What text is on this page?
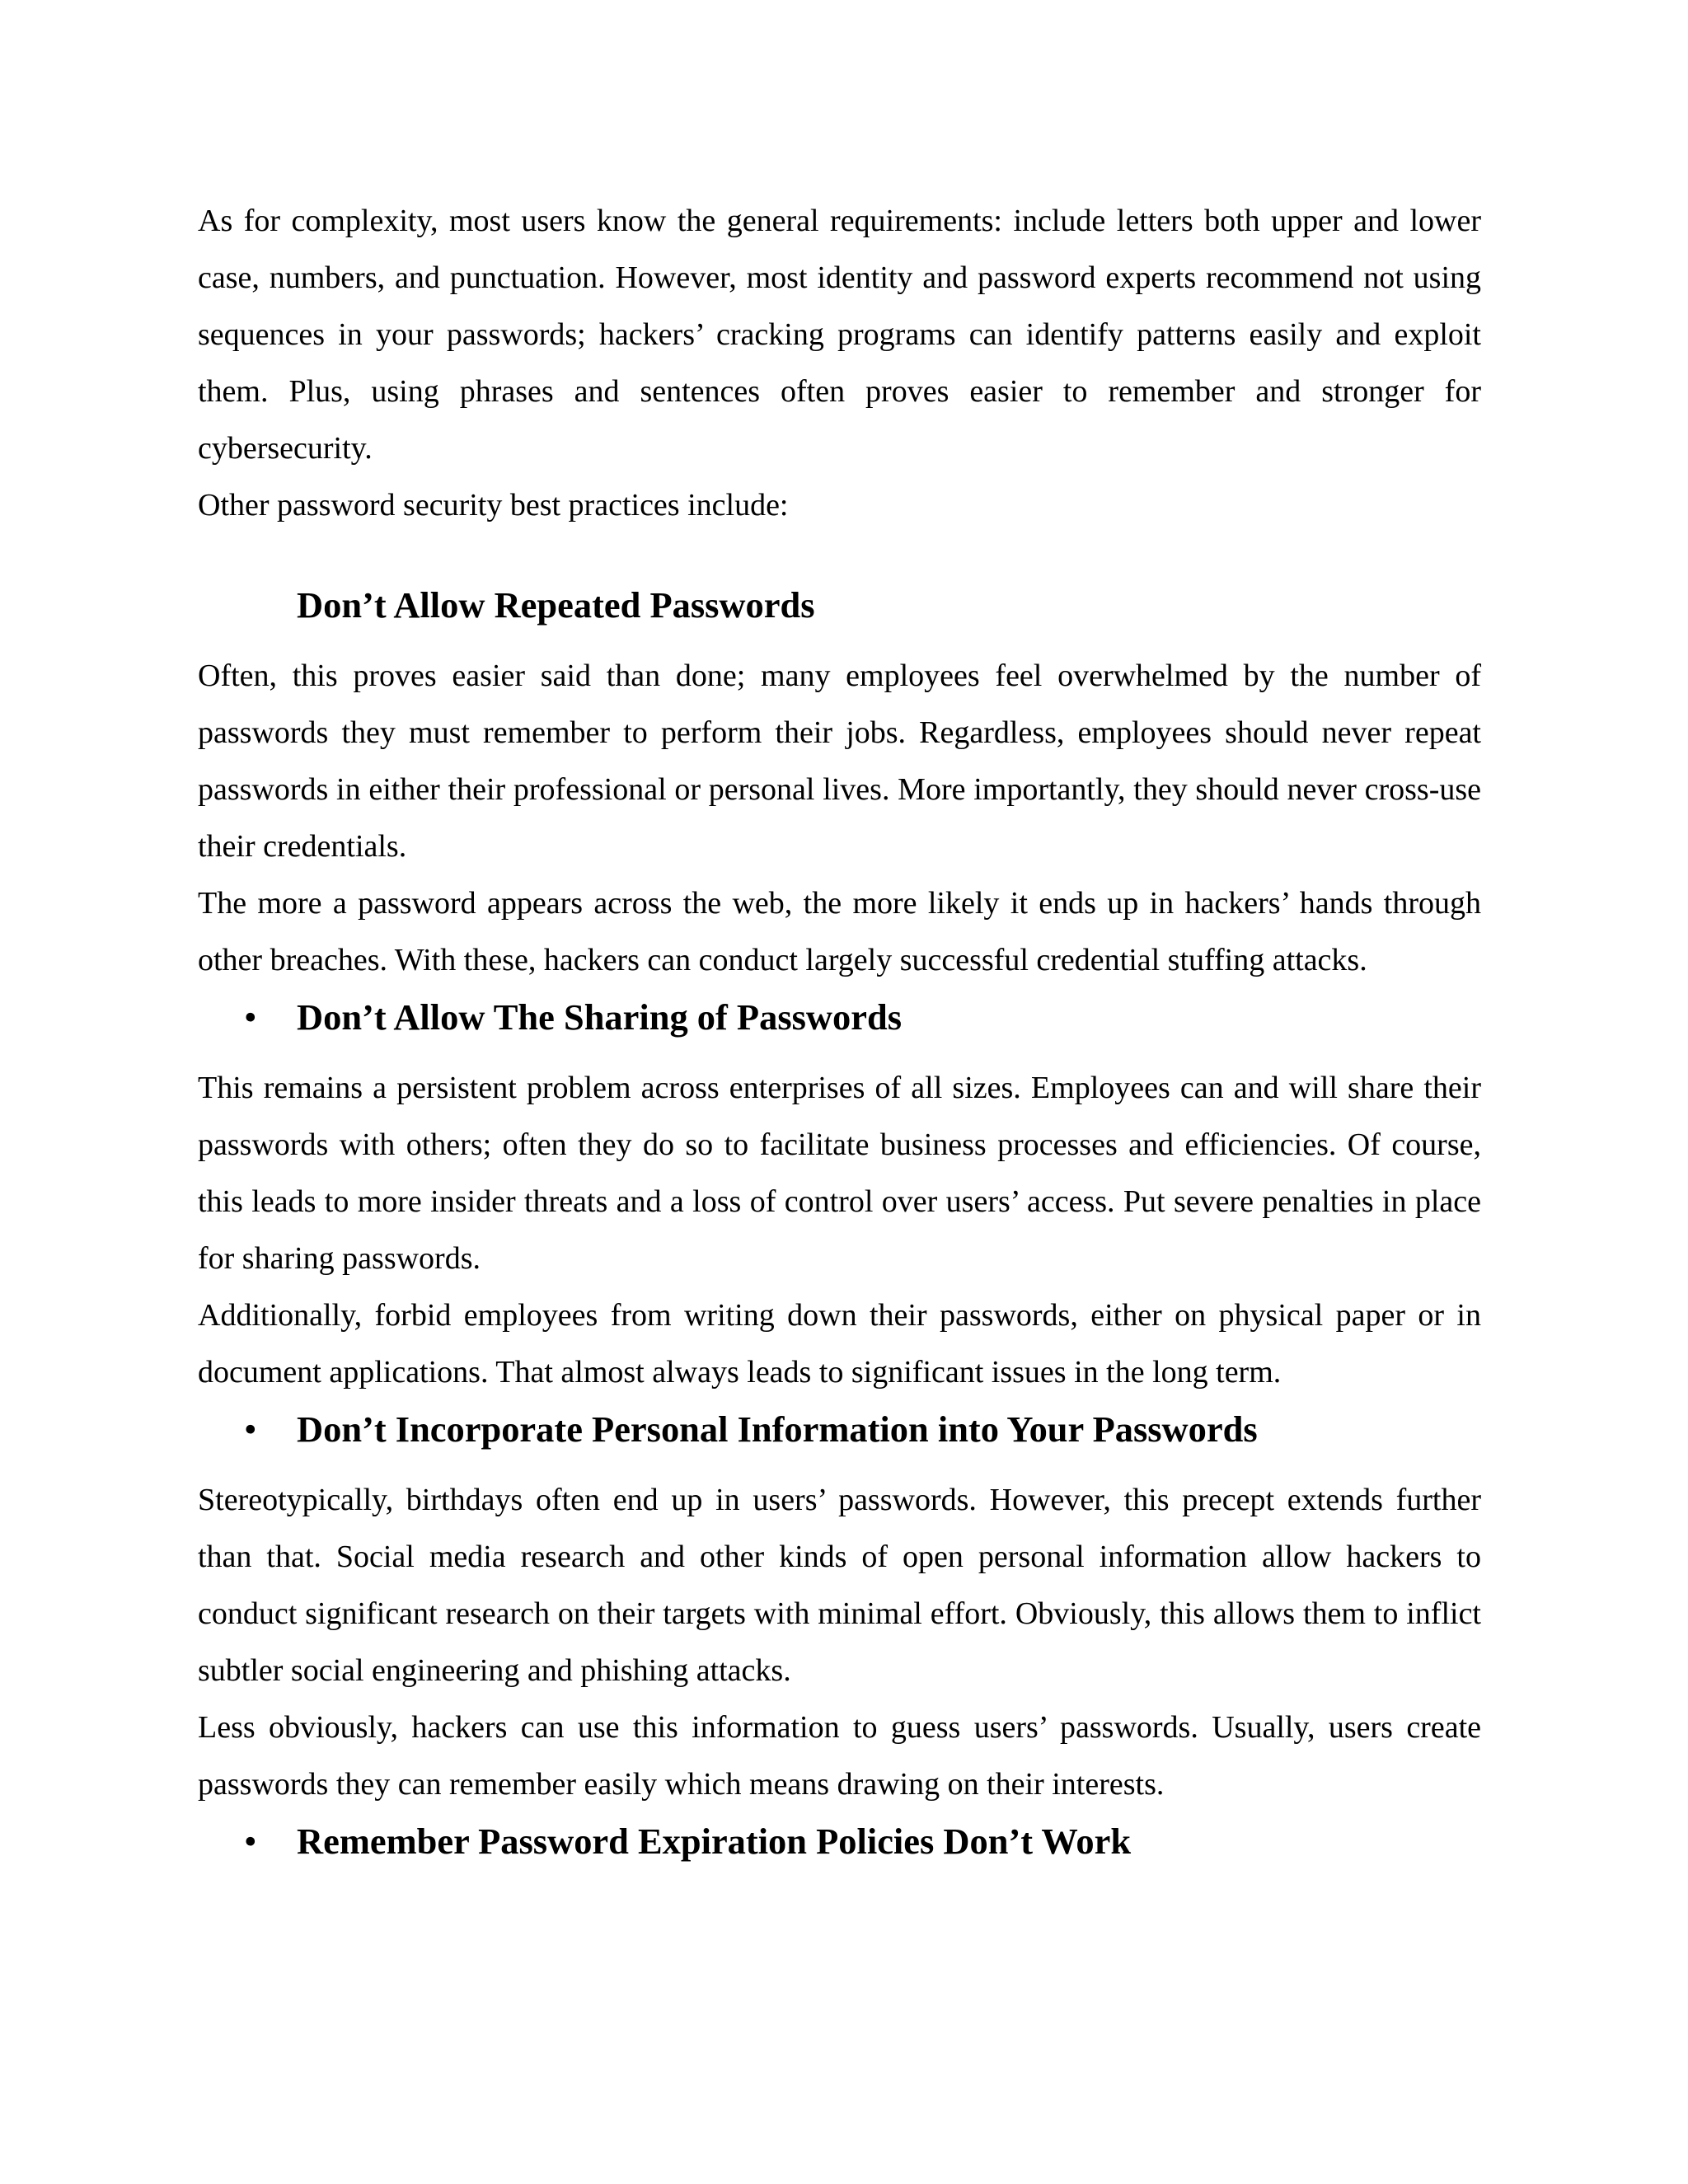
As for complexity, most users know the general requirements: include letters both upper and lower case, numbers, and punctuation. However, most identity and password experts recommend not using sequences in your passwords; hackers’ cracking programs can identify patterns easily and exploit them. Plus, using phrases and sentences often proves easier to remember and stronger for cybersecurity.

Other password security best practices include:

Don’t Allow Repeated Passwords

Often, this proves easier said than done; many employees feel overwhelmed by the number of passwords they must remember to perform their jobs. Regardless, employees should never repeat passwords in either their professional or personal lives. More importantly, they should never cross-use their credentials.

The more a password appears across the web, the more likely it ends up in hackers’ hands through other breaches. With these, hackers can conduct largely successful credential stuffing attacks.

• Don’t Allow The Sharing of Passwords

This remains a persistent problem across enterprises of all sizes. Employees can and will share their passwords with others; often they do so to facilitate business processes and efficiencies. Of course, this leads to more insider threats and a loss of control over users’ access. Put severe penalties in place for sharing passwords.

Additionally, forbid employees from writing down their passwords, either on physical paper or in document applications. That almost always leads to significant issues in the long term.

• Don’t Incorporate Personal Information into Your Passwords

Stereotypically, birthdays often end up in users’ passwords. However, this precept extends further than that. Social media research and other kinds of open personal information allow hackers to conduct significant research on their targets with minimal effort. Obviously, this allows them to inflict subtler social engineering and phishing attacks.

Less obviously, hackers can use this information to guess users’ passwords. Usually, users create passwords they can remember easily which means drawing on their interests.

• Remember Password Expiration Policies Don’t Work
